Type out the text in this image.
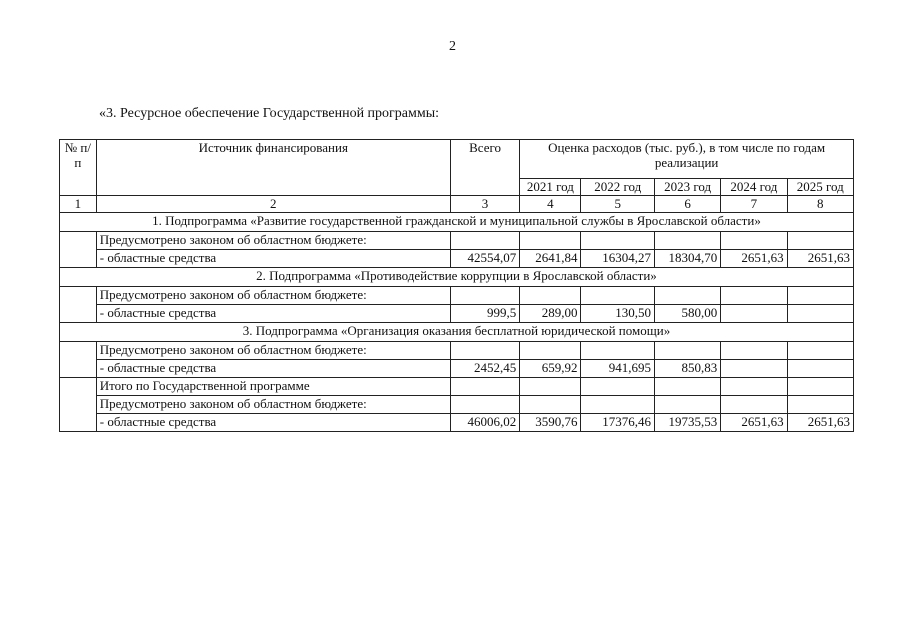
2
«3. Ресурсное обеспечение Государственной программы:
№ п/п	Источник финансирования	Всего	Оценка расходов (тыс. руб.), в том числе по годам реализации				
			2021 год	2022 год	2023 год	2024 год	2025 год
1	2	3	4	5	6	7	8
1. Подпрограмма «Развитие государственной гражданской и муниципальной службы в Ярославской области»							
	Предусмотрено законом об областном бюджете:						
	- областные средства	42554,07	2641,84	16304,27	18304,70	2651,63	2651,63
2. Подпрограмма «Противодействие коррупции в Ярославской области»							
	Предусмотрено законом об областном бюджете:						
	- областные средства	999,5	289,00	130,50	580,00		
3. Подпрограмма «Организация оказания бесплатной юридической помощи»							
	Предусмотрено законом об областном бюджете:						
	- областные средства	2452,45	659,92	941,695	850,83		
	Итого по Государственной программе						
	Предусмотрено законом об областном бюджете:						
	- областные средства	46006,02	3590,76	17376,46	19735,53	2651,63	2651,63
